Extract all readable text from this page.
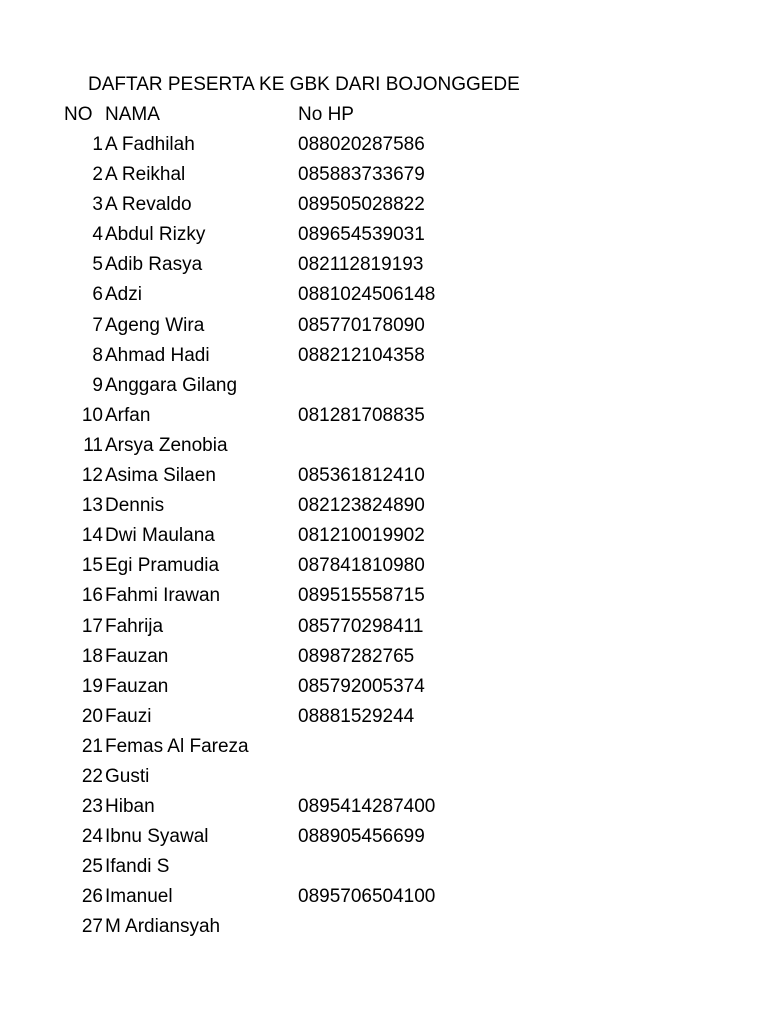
DAFTAR PESERTA KE GBK DARI BOJONGGEDE
NO NAMA	No HP
1 A Fadhilah	088020287586
2 A Reikhal	085883733679
3 A Revaldo	089505028822
4 Abdul Rizky	089654539031
5 Adib Rasya	082112819193
6 Adzi	0881024506148
7 Ageng Wira	085770178090
8 Ahmad Hadi	088212104358
9 Anggara Gilang
10 Arfan	081281708835
11 Arsya Zenobia
12 Asima Silaen	085361812410
13 Dennis	082123824890
14 Dwi Maulana	081210019902
15 Egi Pramudia	087841810980
16 Fahmi Irawan	089515558715
17 Fahrija	085770298411
18 Fauzan	08987282765
19 Fauzan	085792005374
20 Fauzi	08881529244
21 Femas Al Fareza
22 Gusti
23 Hiban	0895414287400
24 Ibnu Syawal	088905456699
25 Ifandi S
26 Imanuel	0895706504100
27 M Ardiansyah
